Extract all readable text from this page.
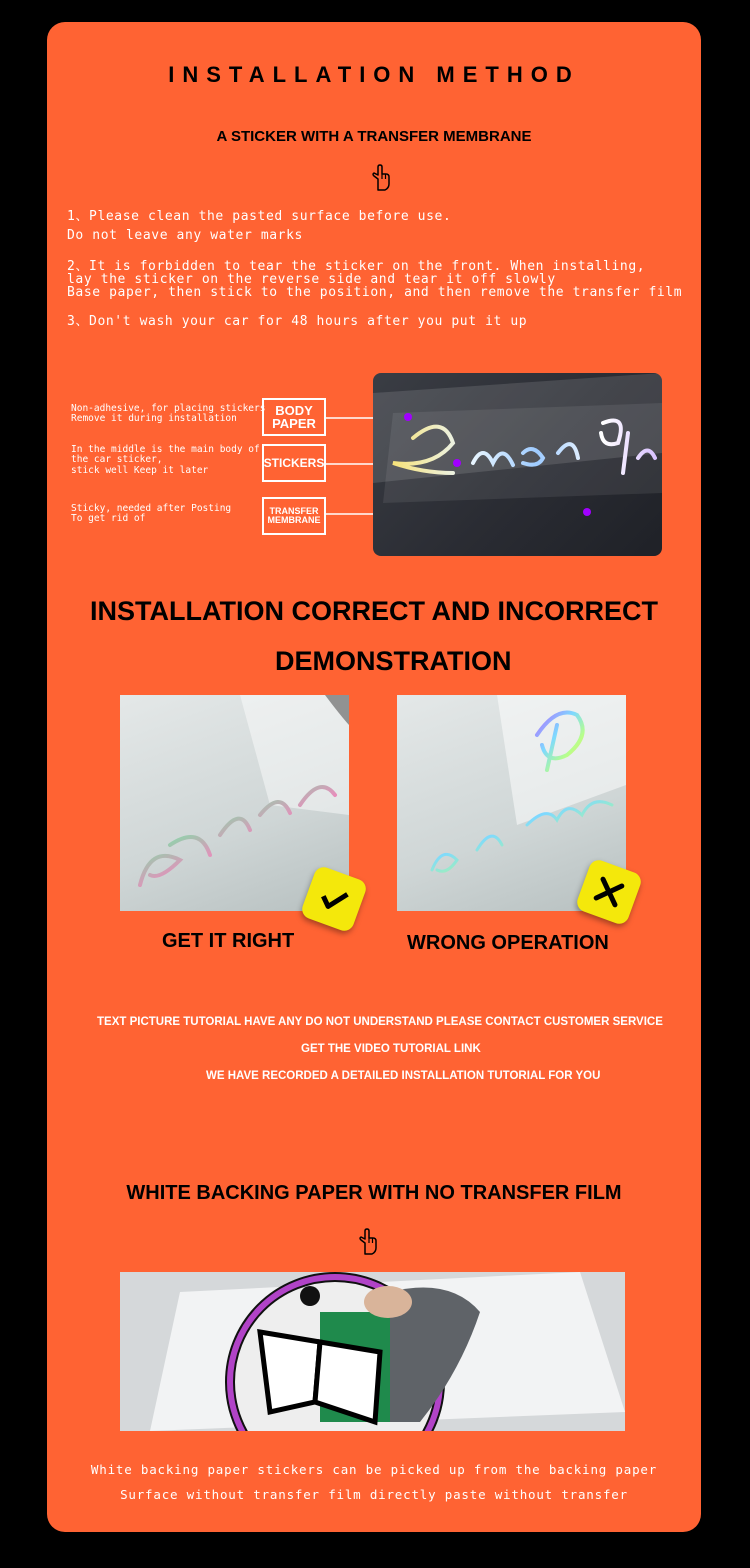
INSTALLATION METHOD
A STICKER WITH A TRANSFER MEMBRANE

1、Please clean the pasted surface before use.
Do not leave any water marks

2、It is forbidden to tear the sticker on the front. When installing,
lay the sticker on the reverse side and tear it off slowly
Base paper, then stick to the position, and then remove the transfer film

3、Don't wash your car for 48 hours after you put it up

Non-adhesive, for placing stickers
Remove it during installation
BODY
PAPER
In the middle is the main body of
the car sticker,
stick well Keep it later
STICKERS
Sticky, needed after Posting
To get rid of
TRANSFER
MEMBRANE
INSTALLATION CORRECT AND INCORRECT
DEMONSTRATION
GET IT RIGHT	WRONG OPERATION
TEXT PICTURE TUTORIAL HAVE ANY DO NOT UNDERSTAND PLEASE CONTACT CUSTOMER SERVICE
GET THE VIDEO TUTORIAL LINK
WE HAVE RECORDED A DETAILED INSTALLATION TUTORIAL FOR YOU
WHITE BACKING PAPER WITH NO TRANSFER FILM
White backing paper stickers can be picked up from the backing paper
Surface without transfer film directly paste without transfer
